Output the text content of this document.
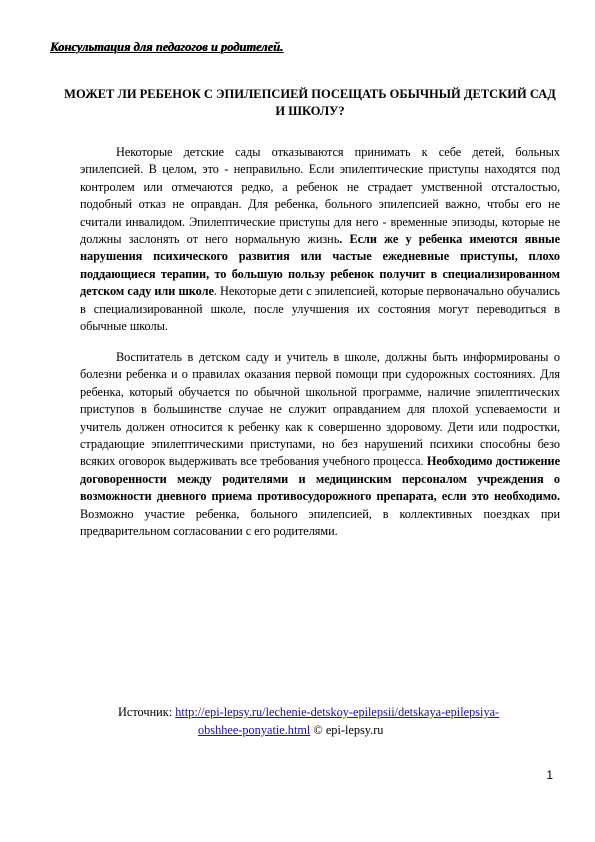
Консультация для педагогов и родителей.
МОЖЕТ ЛИ РЕБЕНОК С ЭПИЛЕПСИЕЙ ПОСЕЩАТЬ ОБЫЧНЫЙ ДЕТСКИЙ САД И ШКОЛУ?

Некоторые детские сады отказываются принимать к себе детей, больных эпилепсией. В целом, это - неправильно. Если эпилептические приступы находятся под контролем или отмечаются редко, а ребенок не страдает умственной отсталостью, подобный отказ не оправдан. Для ребенка, больного эпилепсией важно, чтобы его не считали инвалидом. Эпилептические приступы для него - временные эпизоды, которые не должны заслонять от него нормальную жизнь. Если же у ребенка имеются явные нарушения психического развития или частые ежедневные приступы, плохо поддающиеся терапии, то большую пользу ребенок получит в специализированном детском саду или школе. Некоторые дети с эпилепсией, которые первоначально обучались в специализированной школе, после улучшения их состояния могут переводиться в обычные школы.

Воспитатель в детском саду и учитель в школе, должны быть информированы о болезни ребенка и о правилах оказания первой помощи при судорожных состояниях. Для ребенка, который обучается по обычной школьной программе, наличие эпилептических приступов в большинстве случае не служит оправданием для плохой успеваемости и учитель должен относится к ребенку как к совершенно здоровому. Дети или подростки, страдающие эпилептическими приступами, но без нарушений психики способны безо всяких оговорок выдерживать все требования учебного процесса. Необходимо достижение договоренности между родителями и медицинским персоналом учреждения о возможности дневного приема противосудорожного препарата, если это необходимо. Возможно участие ребенка, больного эпилепсией, в коллективных поездках при предварительном согласовании с его родителями.

Источник: http://epi-lepsy.ru/lechenie-detskoy-epilepsii/detskaya-epilepsiya-
obshhee-ponyatie.html © epi-lepsy.ru
1
